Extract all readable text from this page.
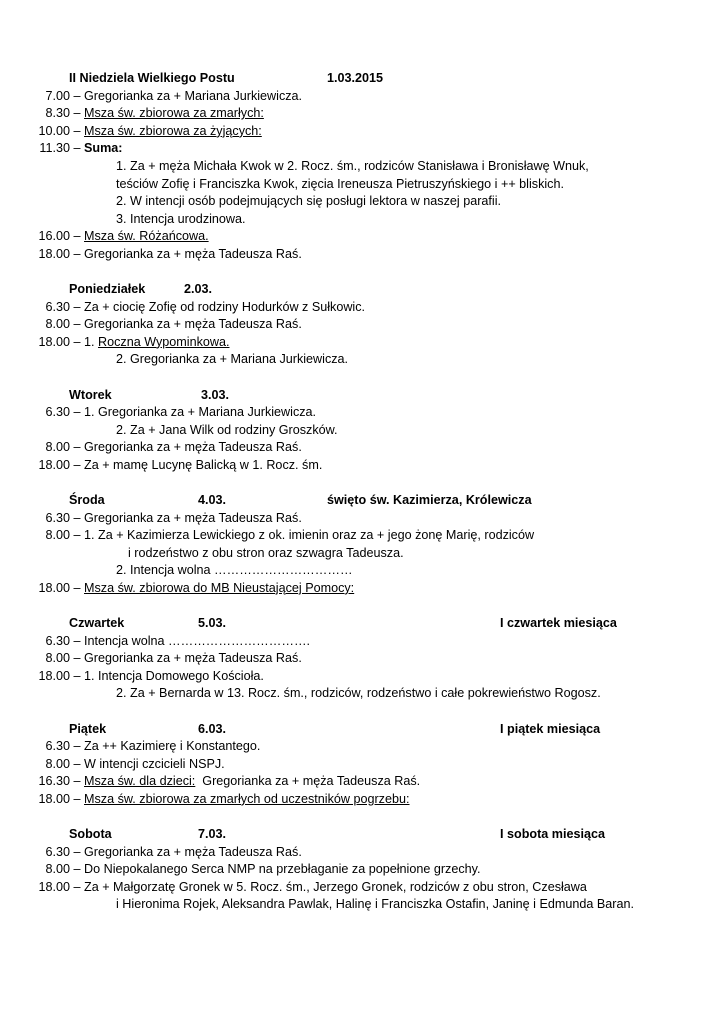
II Niedziela Wielkiego Postu	1.03.2015
7.00 – Gregorianka za + Mariana Jurkiewicza.
8.30 – Msza św. zbiorowa za zmarłych:
10.00 – Msza św. zbiorowa za żyjących:
11.30 – Suma:
1. Za + męża Michała Kwok w 2. Rocz. śm., rodziców Stanisława i Bronisławę Wnuk,
teściów Zofię i Franciszka Kwok, zięcia Ireneusza Pietruszyńskiego i ++ bliskich.
2. W intencji osób podejmujących się posługi lektora w naszej parafii.
3. Intencja urodzinowa.
16.00 – Msza św. Różańcowa.
18.00 – Gregorianka za + męża Tadeusza Raś.
Poniedziałek	2.03.
6.30 – Za + ciocię Zofię od rodziny Hodurków z Sułkowic.
8.00 – Gregorianka za + męża Tadeusza Raś.
18.00 – 1. Roczna Wypominkowa.
2. Gregorianka za + Mariana Jurkiewicza.
Wtorek	3.03.
6.30 – 1. Gregorianka za + Mariana Jurkiewicza.
2. Za + Jana Wilk od rodziny Groszków.
8.00 – Gregorianka za + męża Tadeusza Raś.
18.00 – Za + mamę Lucynę Balicką w 1. Rocz. śm.
Środa	4.03.	święto św. Kazimierza, Królewicza
6.30 – Gregorianka za + męża Tadeusza Raś.
8.00 – 1. Za + Kazimierza Lewickiego z ok. imienin oraz za + jego żonę Marię, rodziców
i rodzeństwo z obu stron oraz szwagra Tadeusza.
2. Intencja wolna ……………………………
18.00 – Msza św. zbiorowa do MB Nieustającej Pomocy:
Czwartek	5.03.	I czwartek miesiąca
6.30 – Intencja wolna …………………………….
8.00 – Gregorianka za + męża Tadeusza Raś.
18.00 – 1. Intencja Domowego Kościoła.
2. Za + Bernarda w 13. Rocz. śm., rodziców, rodzeństwo i całe pokrewieństwo Rogosz.
Piątek	6.03.	I piątek miesiąca
6.30 – Za ++ Kazimierę i Konstantego.
8.00 – W intencji czcicieli NSPJ.
16.30 – Msza św. dla dzieci:  Gregorianka za + męża Tadeusza Raś.
18.00 – Msza św. zbiorowa za zmarłych od uczestników pogrzebu:
Sobota	7.03.	I sobota miesiąca
6.30 – Gregorianka za + męża Tadeusza Raś.
8.00 – Do Niepokalanego Serca NMP na przebłaganie za popełnione grzechy.
18.00 – Za + Małgorzatę Gronek w 5. Rocz. śm., Jerzego Gronek, rodziców z obu stron, Czesława
i Hieronima Rojek, Aleksandra Pawlak, Halinę i Franciszka Ostafin, Janinę i Edmunda Baran.
